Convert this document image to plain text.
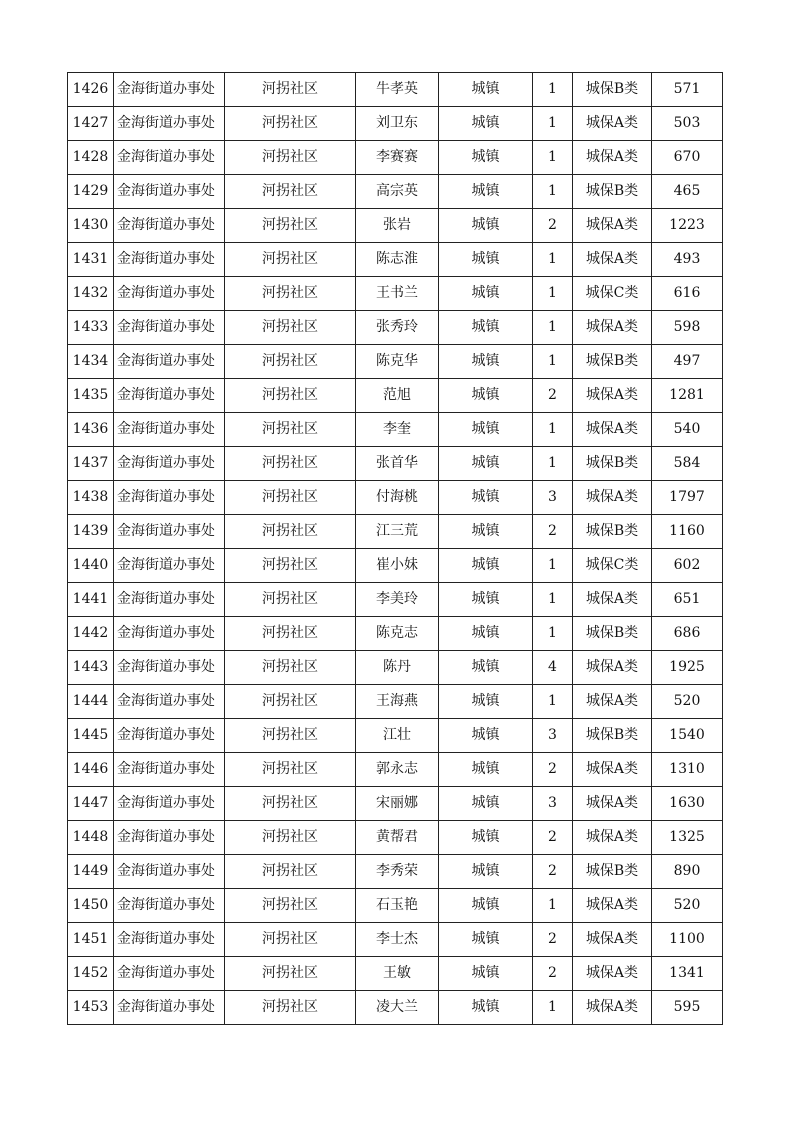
1426	金海街道办事处	河拐社区	牛孝英	城镇	1	城保B类	571
1427	金海街道办事处	河拐社区	刘卫东	城镇	1	城保A类	503
1428	金海街道办事处	河拐社区	李赛赛	城镇	1	城保A类	670
1429	金海街道办事处	河拐社区	高宗英	城镇	1	城保B类	465
1430	金海街道办事处	河拐社区	张岩	城镇	2	城保A类	1223
1431	金海街道办事处	河拐社区	陈志淮	城镇	1	城保A类	493
1432	金海街道办事处	河拐社区	王书兰	城镇	1	城保C类	616
1433	金海街道办事处	河拐社区	张秀玲	城镇	1	城保A类	598
1434	金海街道办事处	河拐社区	陈克华	城镇	1	城保B类	497
1435	金海街道办事处	河拐社区	范旭	城镇	2	城保A类	1281
1436	金海街道办事处	河拐社区	李奎	城镇	1	城保A类	540
1437	金海街道办事处	河拐社区	张首华	城镇	1	城保B类	584
1438	金海街道办事处	河拐社区	付海桃	城镇	3	城保A类	1797
1439	金海街道办事处	河拐社区	江三荒	城镇	2	城保B类	1160
1440	金海街道办事处	河拐社区	崔小妹	城镇	1	城保C类	602
1441	金海街道办事处	河拐社区	李美玲	城镇	1	城保A类	651
1442	金海街道办事处	河拐社区	陈克志	城镇	1	城保B类	686
1443	金海街道办事处	河拐社区	陈丹	城镇	4	城保A类	1925
1444	金海街道办事处	河拐社区	王海燕	城镇	1	城保A类	520
1445	金海街道办事处	河拐社区	江壮	城镇	3	城保B类	1540
1446	金海街道办事处	河拐社区	郭永志	城镇	2	城保A类	1310
1447	金海街道办事处	河拐社区	宋丽娜	城镇	3	城保A类	1630
1448	金海街道办事处	河拐社区	黄帮君	城镇	2	城保A类	1325
1449	金海街道办事处	河拐社区	李秀荣	城镇	2	城保B类	890
1450	金海街道办事处	河拐社区	石玉艳	城镇	1	城保A类	520
1451	金海街道办事处	河拐社区	李士杰	城镇	2	城保A类	1100
1452	金海街道办事处	河拐社区	王敏	城镇	2	城保A类	1341
1453	金海街道办事处	河拐社区	凌大兰	城镇	1	城保A类	595
